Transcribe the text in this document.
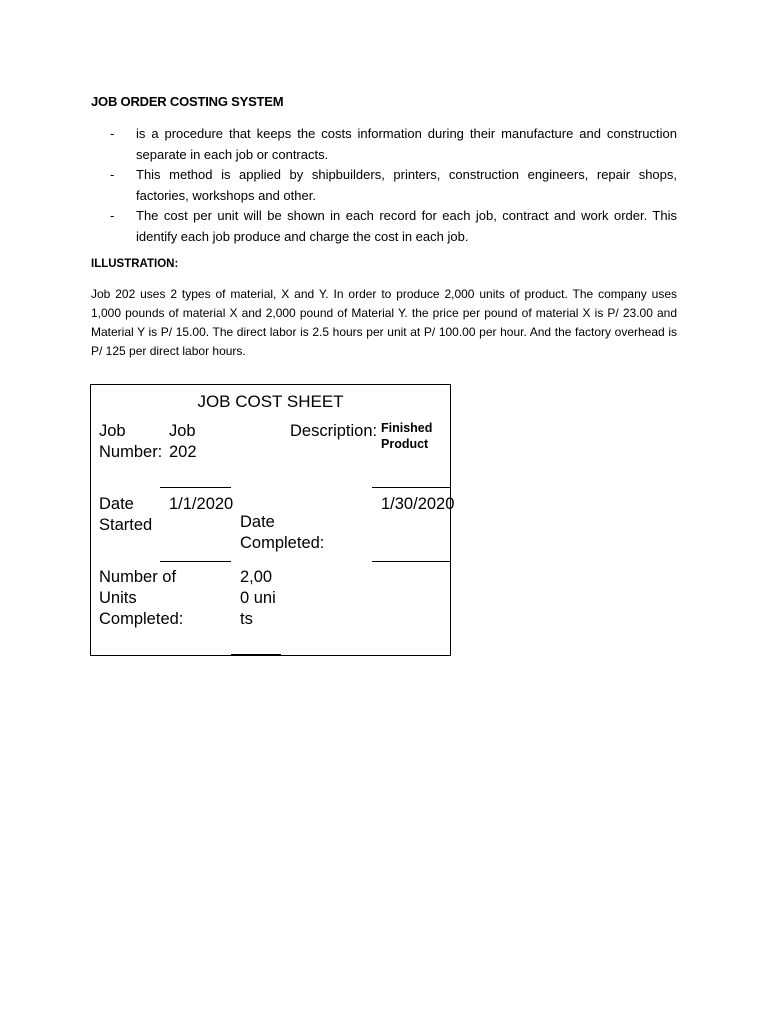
JOB ORDER COSTING SYSTEM

- is a procedure that keeps the costs information during their manufacture and construction separate in each job or contracts.

- This method is applied by shipbuilders, printers, construction engineers, repair shops, factories, workshops and other.

- The cost per unit will be shown in each record for each job, contract and work order. This identify each job produce and charge the cost in each job.

ILLUSTRATION:
Job 202 uses 2 types of material, X and Y. In order to produce 2,000 units of product. The company uses 1,000 pounds of material X and 2,000 pound of Material Y. the price per pound of material X is P/ 23.00 and Material Y is P/ 15.00. The direct labor is 2.5 hours per unit at P/ 100.00 per hour. And the factory overhead is P/ 125 per direct labor hours.
JOB COST SHEET
Job Number:
Job 202
Description: Finished Product
Date Started
1/1/2020
Date Completed:
1/30/2020
Number of Units Completed:
2,000 units
